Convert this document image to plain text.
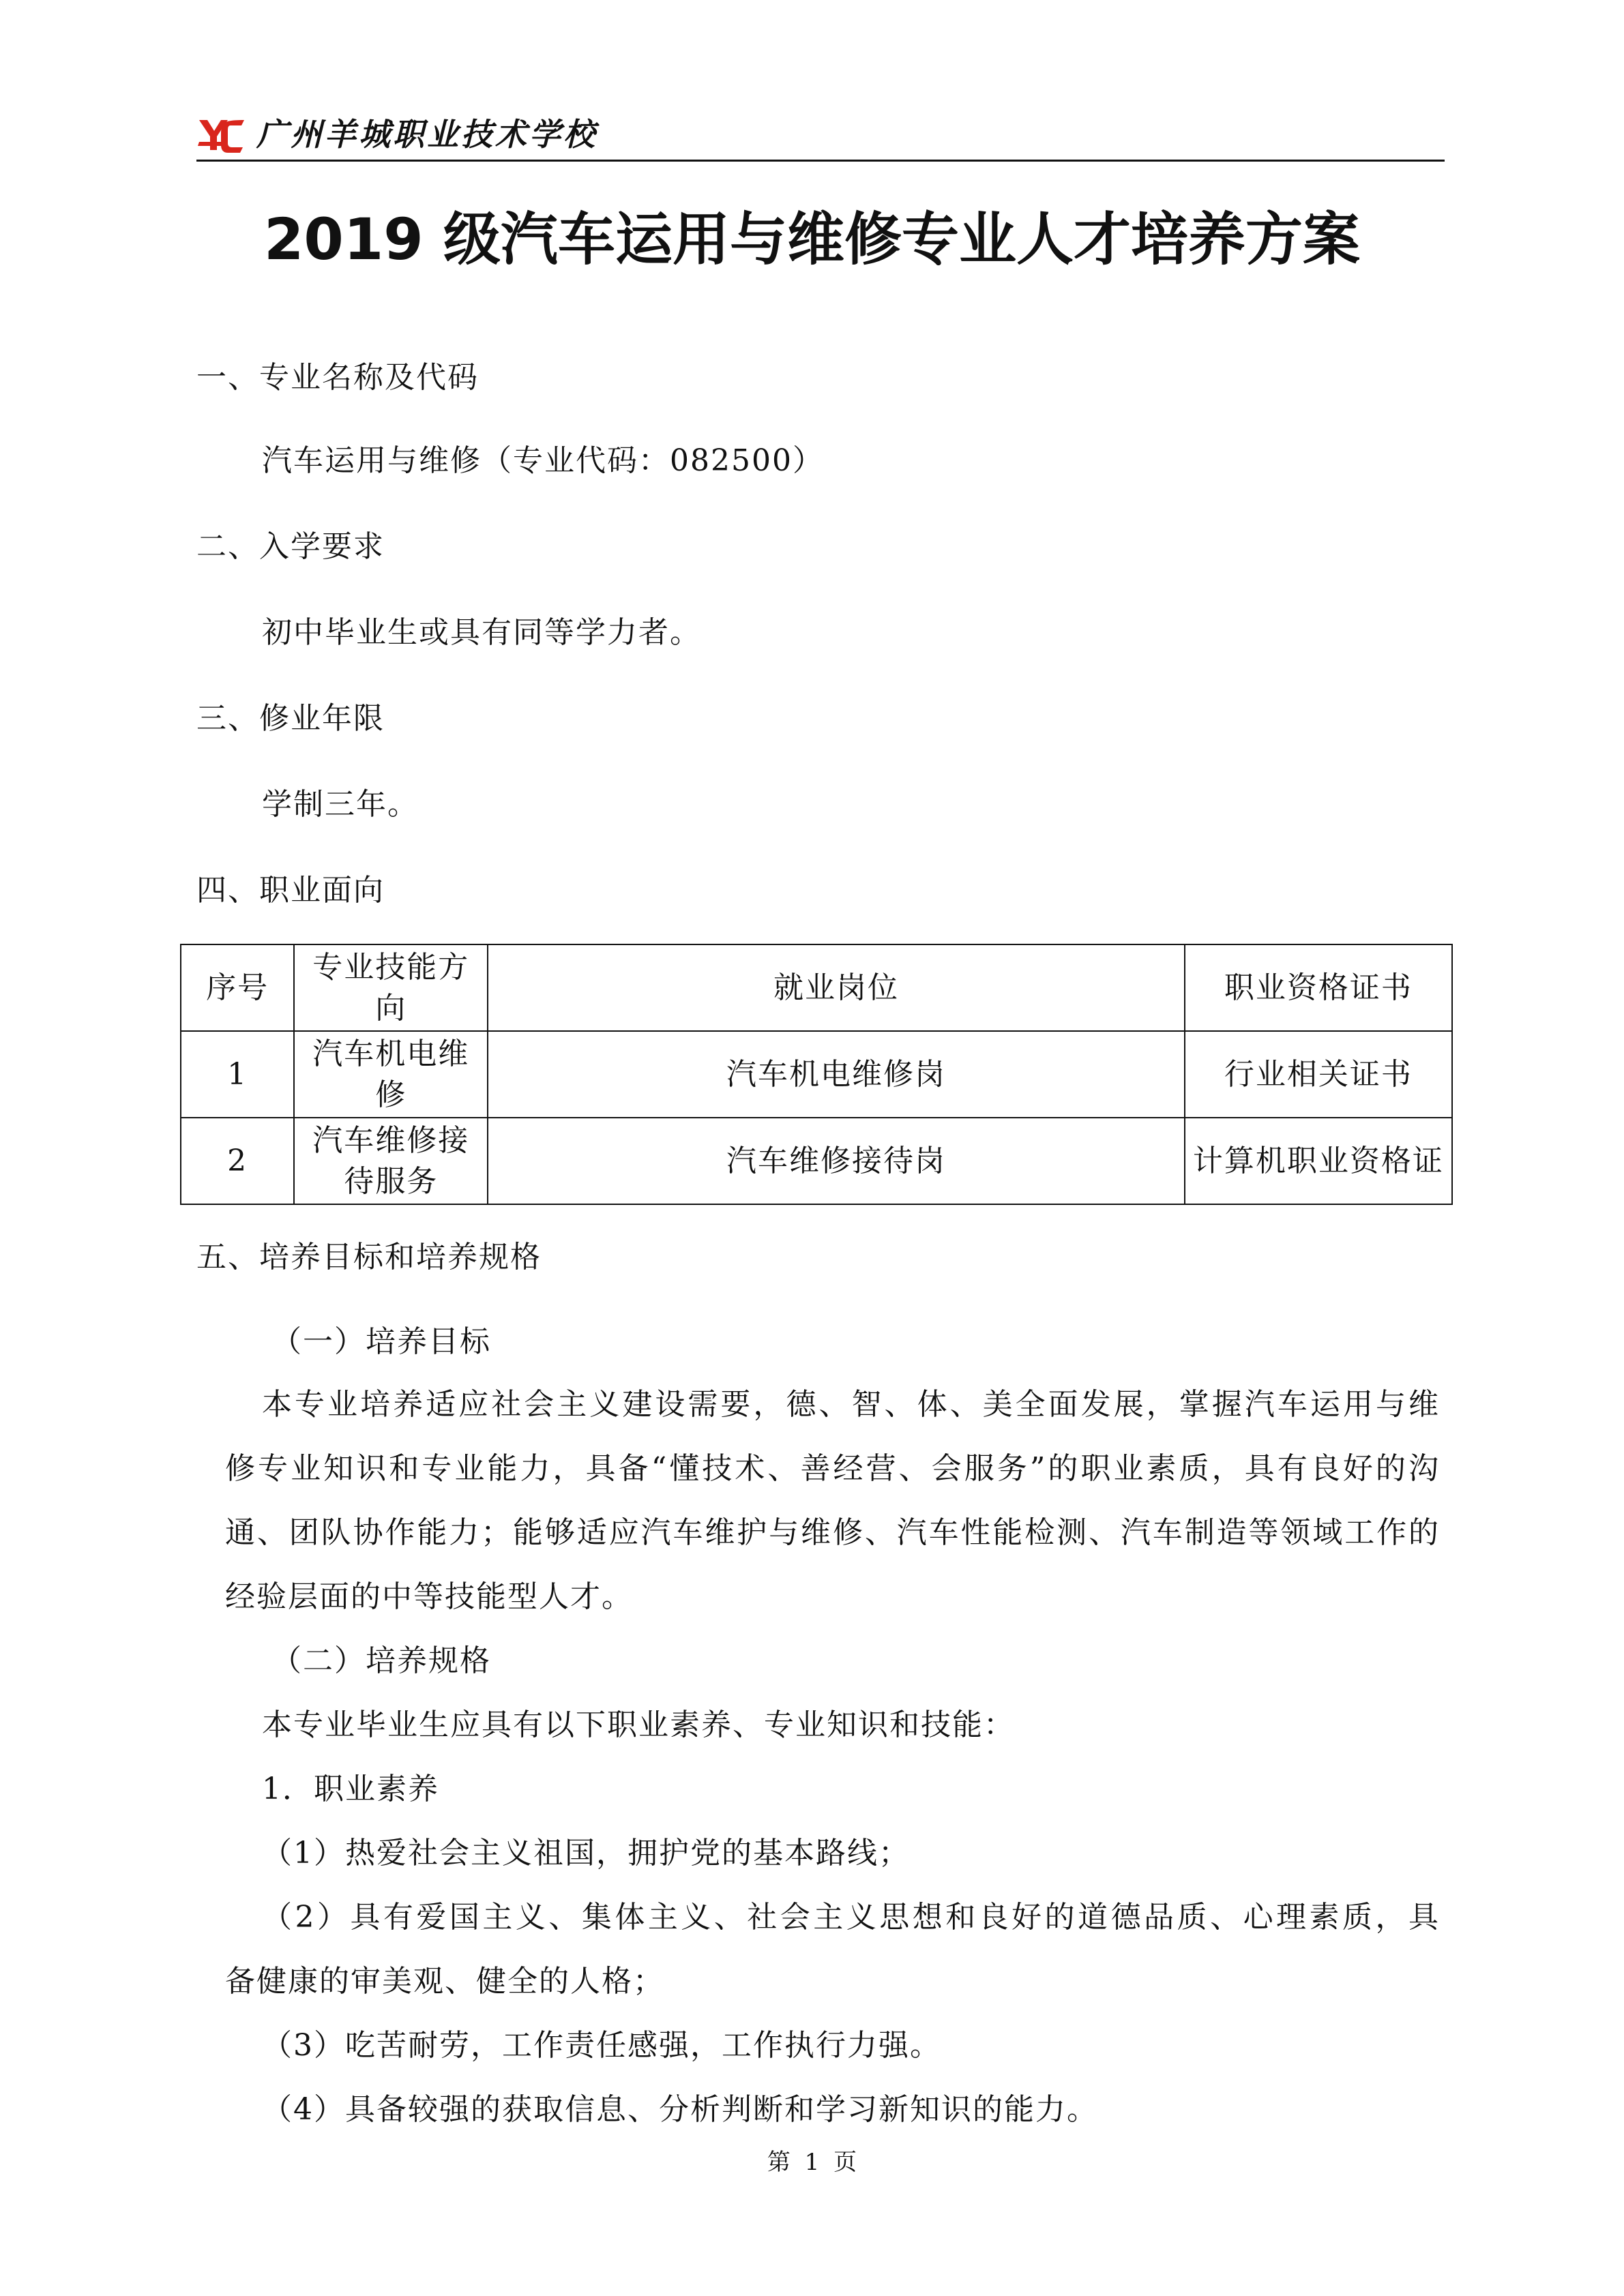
广州羊城职业技术学校
2019 级汽车运用与维修专业人才培养方案
一、专业名称及代码
汽车运用与维修（专业代码：082500）
二、入学要求
初中毕业生或具有同等学力者。
三、修业年限
学制三年。
四、职业面向
序号	专业技能方向	就业岗位	职业资格证书
1	汽车机电维修	汽车机电维修岗	行业相关证书
2	汽车维修接待服务	汽车维修接待岗	计算机职业资格证
五、培养目标和培养规格
（一）培养目标
本专业培养适应社会主义建设需要，德、智、体、美全面发展，掌握汽车运用与维
修专业知识和专业能力，具备“懂技术、善经营、会服务”的职业素质，具有良好的沟
通、团队协作能力；能够适应汽车维护与维修、汽车性能检测、汽车制造等领域工作的
经验层面的中等技能型人才。
（二）培养规格
本专业毕业生应具有以下职业素养、专业知识和技能：
1．职业素养
（1）热爱社会主义祖国，拥护党的基本路线；
（2）具有爱国主义、集体主义、社会主义思想和良好的道德品质、心理素质，具
备健康的审美观、健全的人格；
（3）吃苦耐劳，工作责任感强，工作执行力强。
（4）具备较强的获取信息、分析判断和学习新知识的能力。
第 1 页
